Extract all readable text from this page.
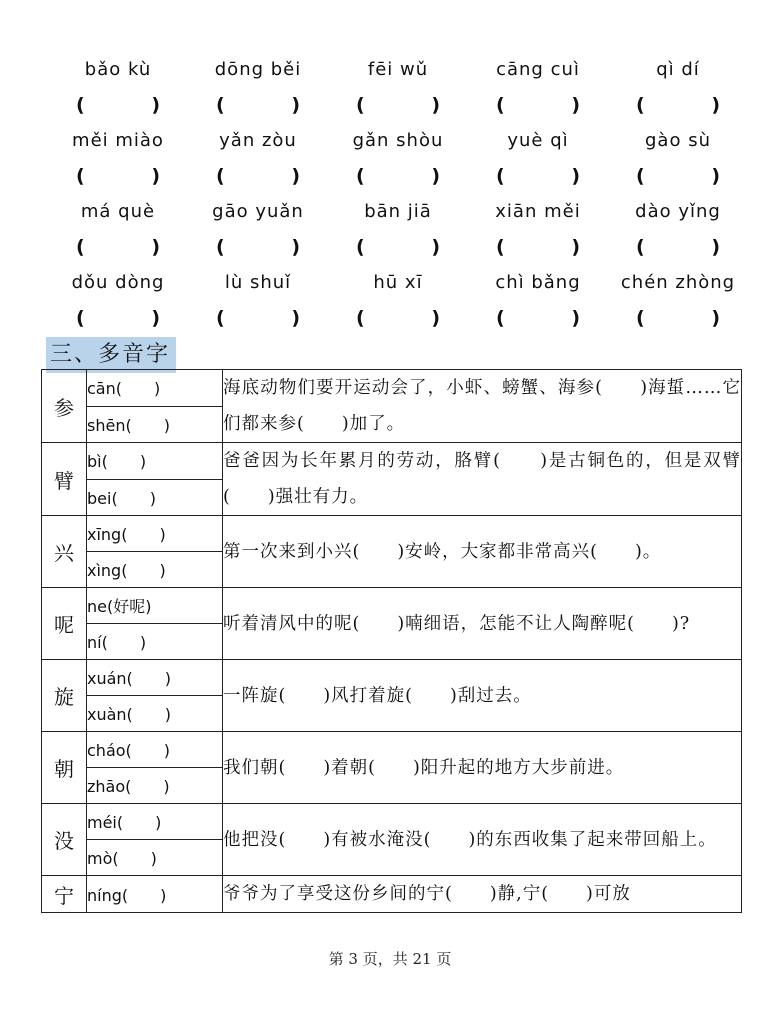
bǎo kù	dōng běi	fēi wǔ	cāng cuì	qì dí
(	)	(	)	(	)	(	)	(	)
měi miào	yǎn zòu	gǎn shòu	yuè qì	gào sù
(	)	(	)	(	)	(	)	(	)
má què	gāo yuǎn	bān jiā	xiān měi	dào yǐng
(	)	(	)	(	)	(	)	(	)
dǒu dòng	lù shuǐ	hū xī	chì bǎng	chén zhòng
(	)	(	)	(	)	(	)	(	)
三、多音字
参	cān(　　)	海底动物们要开运动会了，小虾、螃蟹、海参(　　)海蜇……它们都来参(　　)加了。
	shēn(　　)	
臂	bì(　　)	爸爸因为长年累月的劳动，胳臂(　　)是古铜色的，但是双臂(　　)强壮有力。
	bei(　　)	
兴	xīng(　　)	第一次来到小兴(　　)安岭，大家都非常高兴(　　)。
	xìng(　　)	
呢	ne(好呢)	听着清风中的呢(　　)喃细语，怎能不让人陶醉呢(　　)?
	ní(　　)	
旋	xuán(　　)	一阵旋(　　)风打着旋(　　)刮过去。
	xuàn(　　)	
朝	cháo(　　)	我们朝(　　)着朝(　　)阳升起的地方大步前进。
	zhāo(　　)	
没	méi(　　)	他把没(　　)有被水淹没(　　)的东西收集了起来带回船上。
	mò(　　)	
宁	níng(　　)	爷爷为了享受这份乡间的宁(　　)静,宁(　　)可放
第 3 页，共 21 页
